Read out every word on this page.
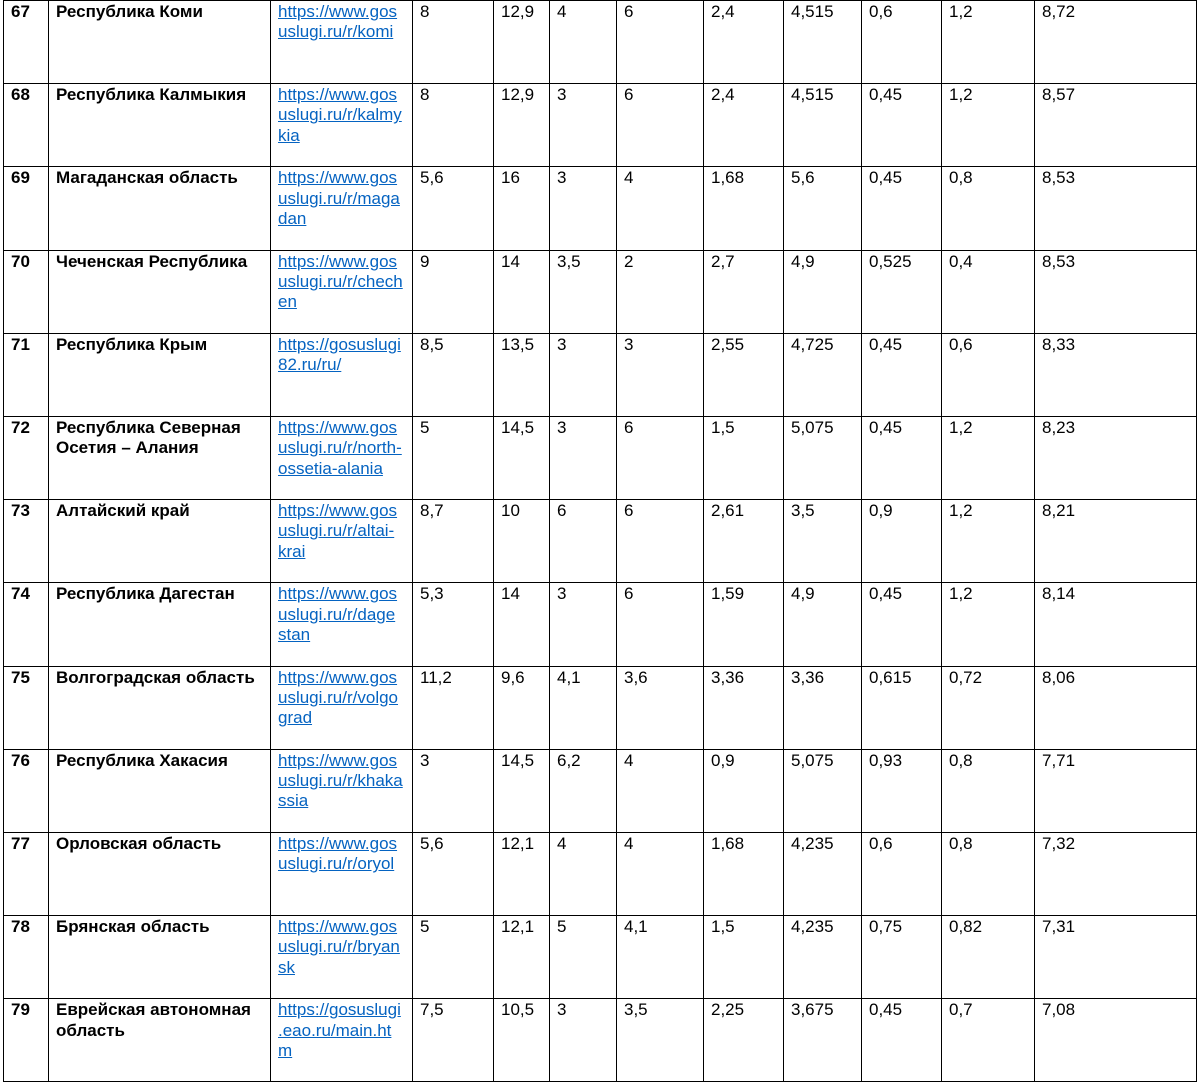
67	Республика Коми	https://www.gos
uslugi.ru/r/komi	8	12,9	4	6	2,4	4,515	0,6	1,2	8,72	
68	Республика Калмыкия	https://www.gos
uslugi.ru/r/kalmy
kia	8	12,9	3	6	2,4	4,515	0,45	1,2	8,57	
69	Магаданская область	https://www.gos
uslugi.ru/r/maga
dan	5,6	16	3	4	1,68	5,6	0,45	0,8	8,53	
70	Чеченская Республика	https://www.gos
uslugi.ru/r/chech
en	9	14	3,5	2	2,7	4,9	0,525	0,4	8,53	
71	Республика Крым	https://gosuslugi
82.ru/ru/	8,5	13,5	3	3	2,55	4,725	0,45	0,6	8,33	
72	Республика Северная Осетия – Алания	https://www.gos
uslugi.ru/r/north-
ossetia-alania	5	14,5	3	6	1,5	5,075	0,45	1,2	8,23	
73	Алтайский край	https://www.gos
uslugi.ru/r/altai-
krai	8,7	10	6	6	2,61	3,5	0,9	1,2	8,21	
74	Республика Дагестан	https://www.gos
uslugi.ru/r/dage
stan	5,3	14	3	6	1,59	4,9	0,45	1,2	8,14	
75	Волгоградская область	https://www.gos
uslugi.ru/r/volgo
grad	11,2	9,6	4,1	3,6	3,36	3,36	0,615	0,72	8,06	
76	Республика Хакасия	https://www.gos
uslugi.ru/r/khaka
ssia	3	14,5	6,2	4	0,9	5,075	0,93	0,8	7,71	
77	Орловская область	https://www.gos
uslugi.ru/r/oryol	5,6	12,1	4	4	1,68	4,235	0,6	0,8	7,32	
78	Брянская область	https://www.gos
uslugi.ru/r/bryan
sk	5	12,1	5	4,1	1,5	4,235	0,75	0,82	7,31	
79	Еврейская автономная область	https://gosuslugi
.eao.ru/main.ht
m	7,5	10,5	3	3,5	2,25	3,675	0,45	0,7	7,08	
